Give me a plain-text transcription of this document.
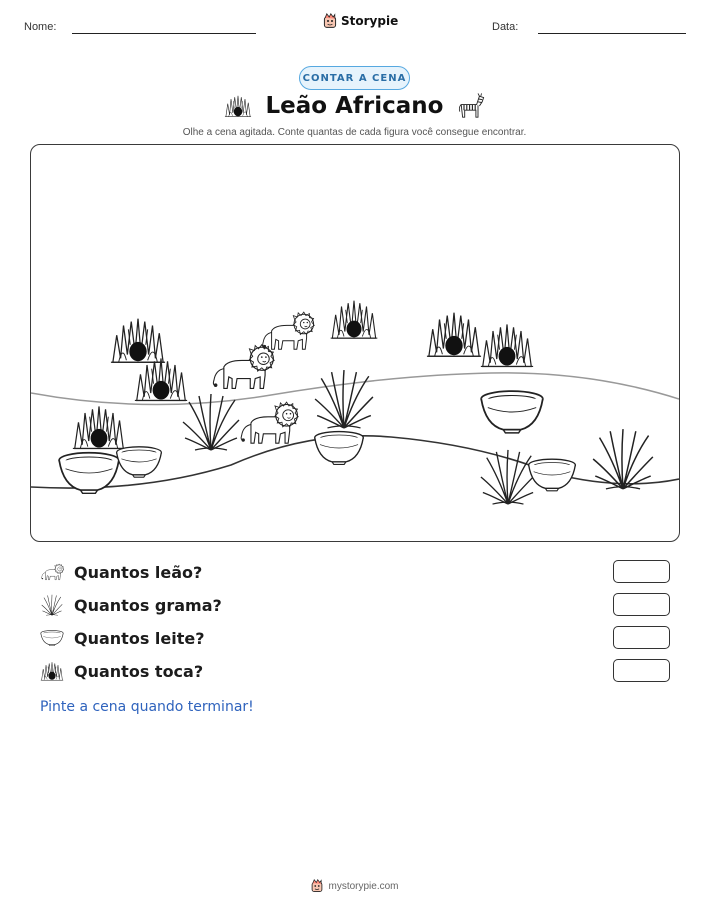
Nome:	Storypie	Data:
CONTAR A CENA
Leão Africano
Olhe a cena agitada. Conte quantas de cada figura você consegue encontrar.
Quantos leão?
Quantos grama?
Quantos leite?
Quantos toca?
Pinte a cena quando terminar!
mystorypie.com
